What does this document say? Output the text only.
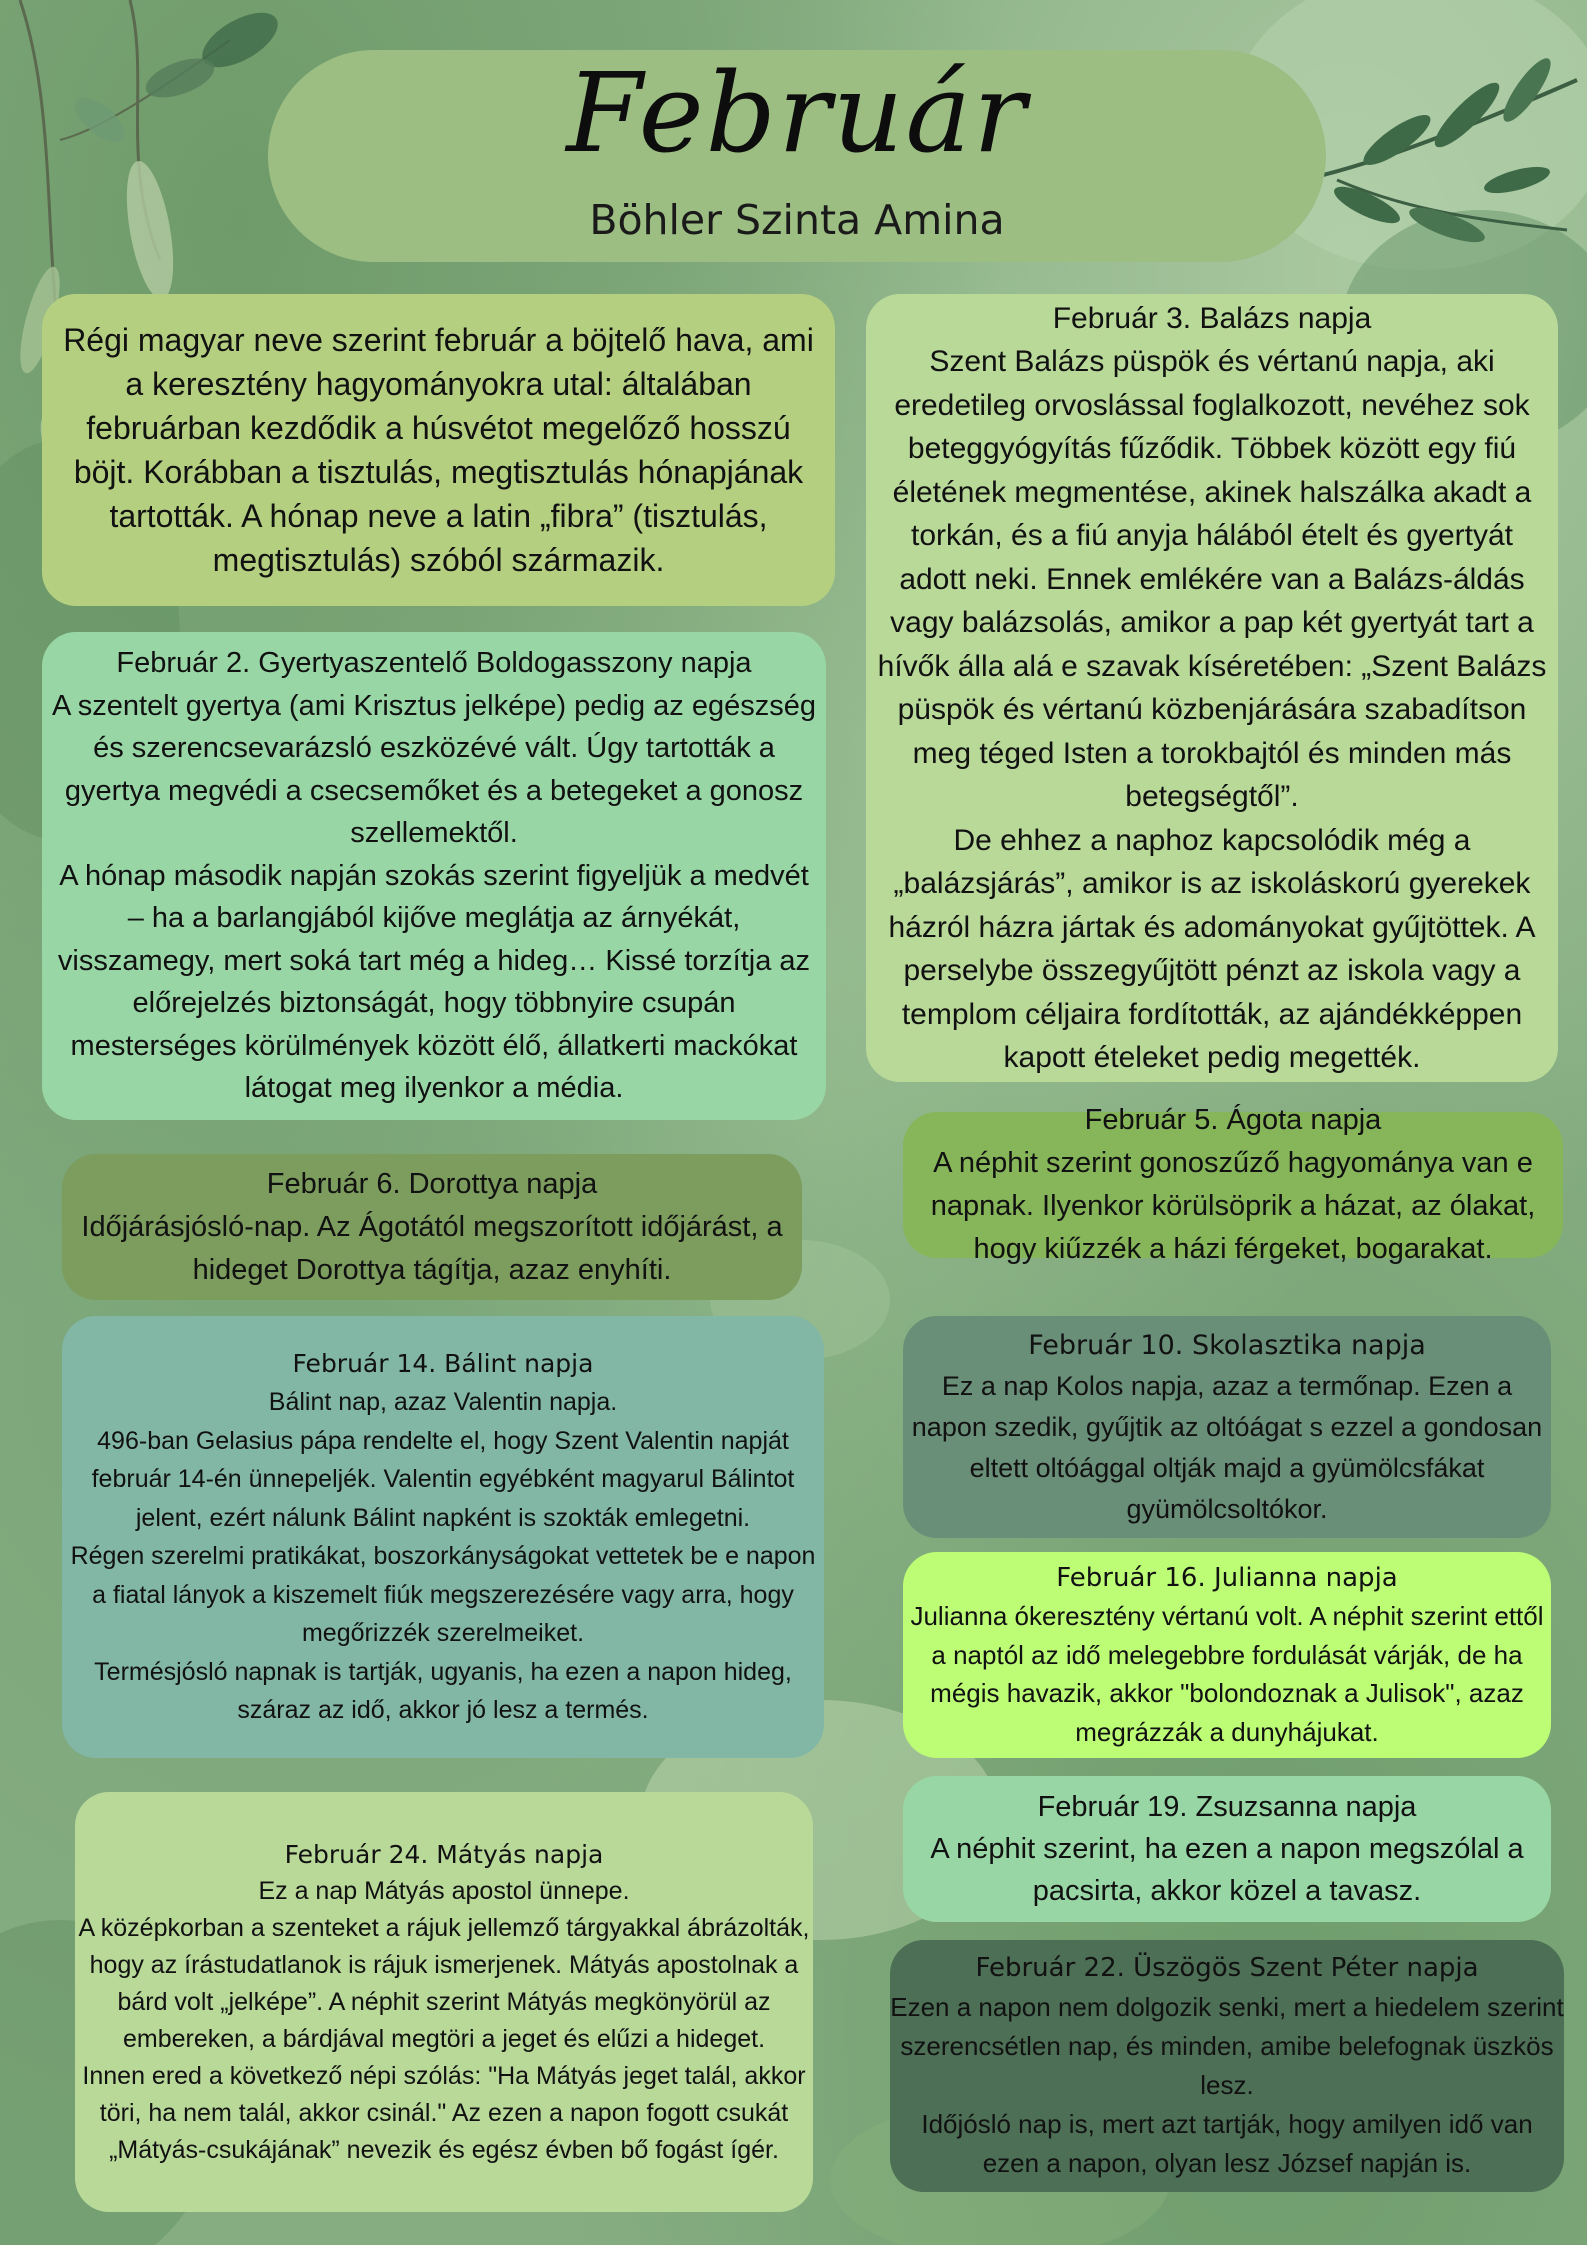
Február
Böhler Szinta Amina

Régi magyar neve szerint február a böjtelő hava, ami a keresztény hagyományokra utal: általában februárban kezdődik a húsvétot megelőző hosszú böjt. Korábban a tisztulás, megtisztulás hónapjának tartották. A hónap neve a latin „fibra” (tisztulás, megtisztulás) szóból származik.

Február 3. Balázs napja

Szent Balázs püspök és vértanú napja, aki eredetileg orvoslással foglalkozott, nevéhez sok beteggyógyítás fűződik. Többek között egy fiú életének megmentése, akinek halszálka akadt a torkán, és a fiú anyja hálából ételt és gyertyát adott neki. Ennek emlékére van a Balázs-áldás vagy balázsolás, amikor a pap két gyertyát tart a hívők álla alá e szavak kíséretében: „Szent Balázs püspök és vértanú közbenjárására szabadítson meg téged Isten a torokbajtól és minden más betegségtől”.

De ehhez a naphoz kapcsolódik még a „balázsjárás”, amikor is az iskoláskorú gyerekek házról házra jártak és adományokat gyűjtöttek. A perselybe összegyűjtött pénzt az iskola vagy a templom céljaira fordították, az ajándékképpen kapott ételeket pedig megették.

Február 2. Gyertyaszentelő Boldogasszony napja

A szentelt gyertya (ami Krisztus jelképe) pedig az egészség és szerencsevarázsló eszközévé vált. Úgy tartották a gyertya megvédi a csecsemőket és a betegeket a gonosz szellemektől.

A hónap második napján szokás szerint figyeljük a medvét – ha a barlangjából kijőve meglátja az árnyékát, visszamegy, mert soká tart még a hideg… Kissé torzítja az előrejelzés biztonságát, hogy többnyire csupán mesterséges körülmények között élő, állatkerti mackókat látogat meg ilyenkor a média.

Február 5. Ágota napja

A néphit szerint gonoszűző hagyománya van e napnak. Ilyenkor körülsöprik a házat, az ólakat, hogy kiűzzék a házi férgeket, bogarakat.

Február 6. Dorottya napja

Időjárásjósló-nap. Az Ágotától megszorított időjárást, a hideget Dorottya tágítja, azaz enyhíti.

Február 14. Bálint napja

Bálint nap, azaz Valentin napja.

496-ban Gelasius pápa rendelte el, hogy Szent Valentin napját február 14-én ünnepeljék. Valentin egyébként magyarul Bálintot jelent, ezért nálunk Bálint napként is szokták emlegetni.

Régen szerelmi pratikákat, boszorkányságokat vettetek be e napon a fiatal lányok a kiszemelt fiúk megszerezésére vagy arra, hogy megőrizzék szerelmeiket.

Termésjósló napnak is tartják, ugyanis, ha ezen a napon hideg, száraz az idő, akkor jó lesz a termés.

Február 10. Skolasztika napja

Ez a nap Kolos napja, azaz a termőnap. Ezen a napon szedik, gyűjtik az oltóágat s ezzel a gondosan eltett oltóággal oltják majd a gyümölcsfákat gyümölcsoltókor.

Február 16. Julianna napja

Julianna ókeresztény vértanú volt. A néphit szerint ettől a naptól az idő melegebbre fordulását várják, de ha mégis havazik, akkor "bolondoznak a Julisok", azaz megrázzák a dunyhájukat.

Február 19. Zsuzsanna napja

A néphit szerint, ha ezen a napon megszólal a pacsirta, akkor közel a tavasz.

Február 24. Mátyás napja

Ez a nap Mátyás apostol ünnepe.

A középkorban a szenteket a rájuk jellemző tárgyakkal ábrázolták, hogy az írástudatlanok is rájuk ismerjenek. Mátyás apostolnak a bárd volt „jelképe”. A néphit szerint Mátyás megkönyörül az embereken, a bárdjával megtöri a jeget és elűzi a hideget.

Innen ered a következő népi szólás: "Ha Mátyás jeget talál, akkor töri, ha nem talál, akkor csinál." Az ezen a napon fogott csukát „Mátyás-csukájának” nevezik és egész évben bő fogást ígér.

Február 22. Üszögös Szent Péter napja

Ezen a napon nem dolgozik senki, mert a hiedelem szerint szerencsétlen nap, és minden, amibe belefognak üszkös lesz.

Időjósló nap is, mert azt tartják, hogy amilyen idő van ezen a napon, olyan lesz József napján is.
